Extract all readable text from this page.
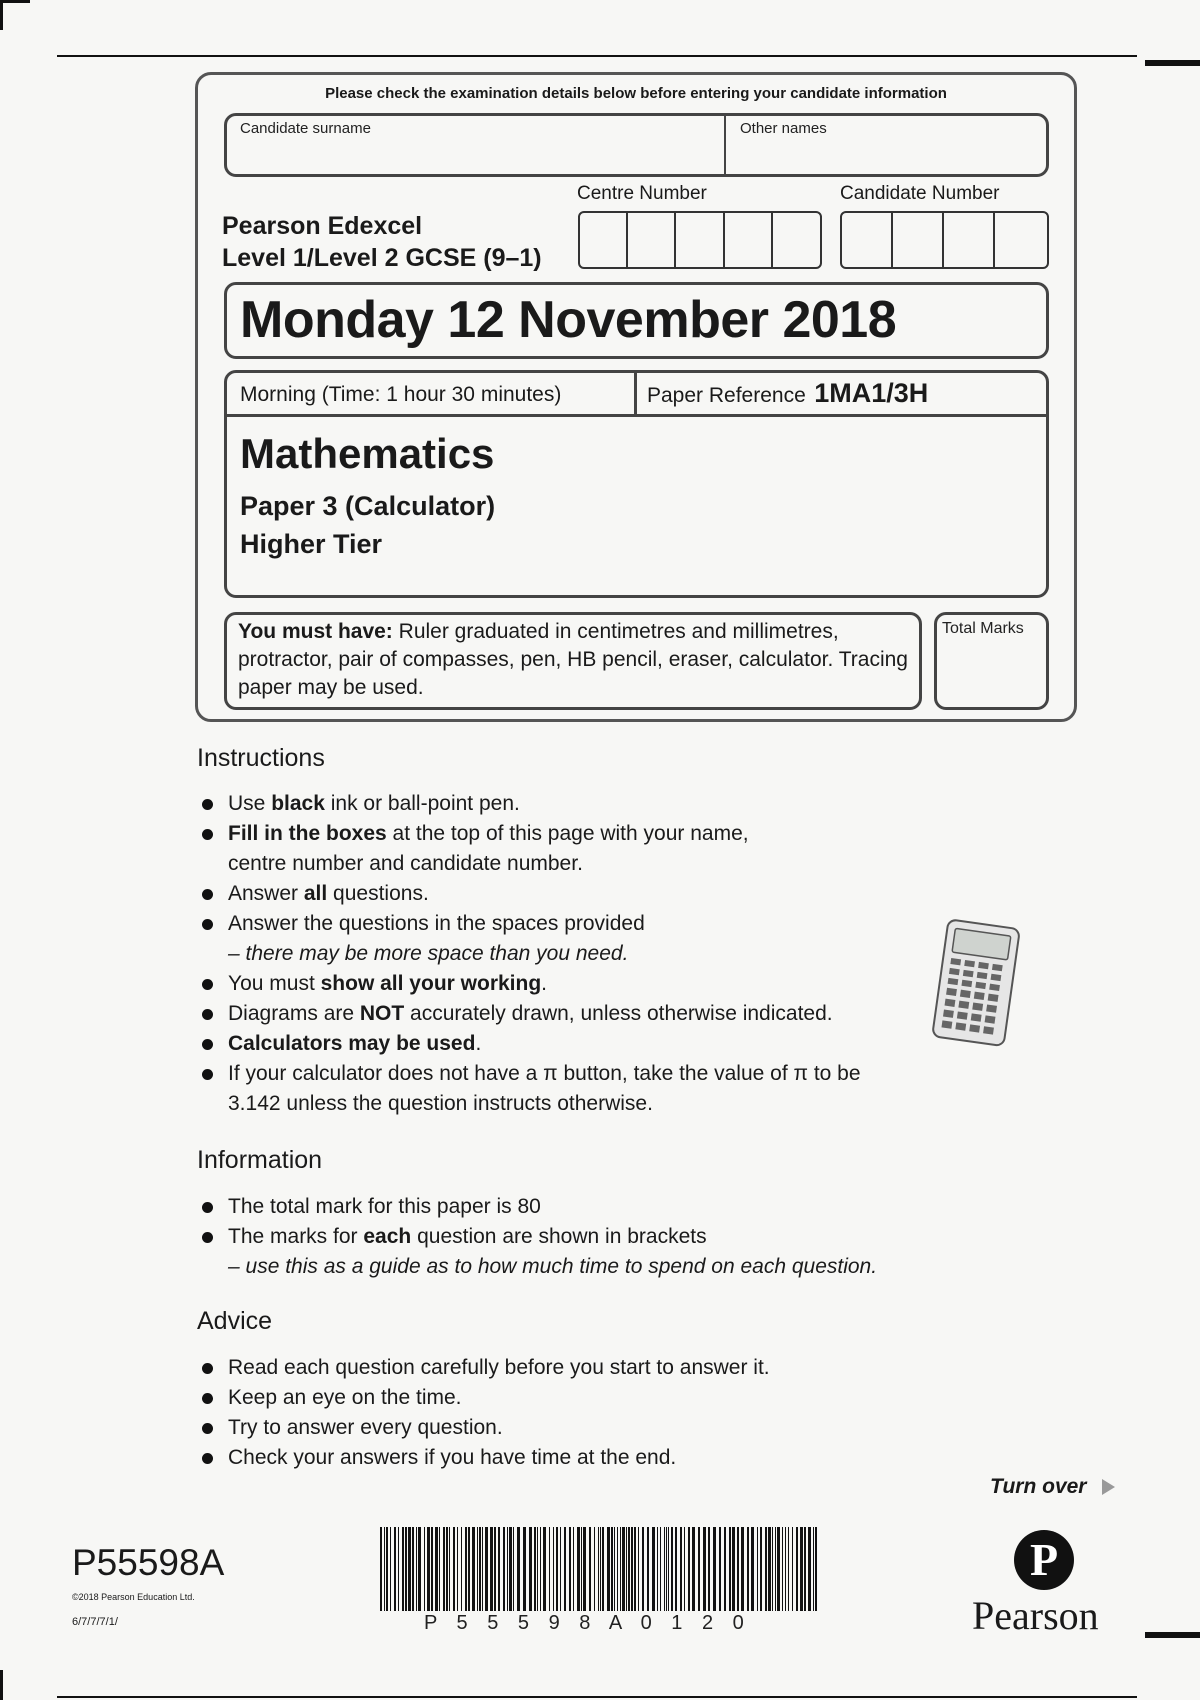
Please check the examination details below before entering your candidate information
Candidate surname	Other names
Pearson Edexcel
Level 1/Level 2 GCSE (9–1)
Centre Number	Candidate Number
Monday 12 November 2018
Morning (Time: 1 hour 30 minutes)	Paper Reference 1MA1/3H
Mathematics
Paper 3 (Calculator)
Higher Tier
You must have: Ruler graduated in centimetres and millimetres, protractor, pair of compasses, pen, HB pencil, eraser, calculator. Tracing paper may be used.
Total Marks
Instructions
Use black ink or ball-point pen.
Fill in the boxes at the top of this page with your name,
centre number and candidate number.
Answer all questions.
Answer the questions in the spaces provided
– there may be more space than you need.
You must show all your working.
Diagrams are NOT accurately drawn, unless otherwise indicated.
Calculators may be used.
If your calculator does not have a π button, take the value of π to be
3.142 unless the question instructs otherwise.
Information
The total mark for this paper is 80
The marks for each question are shown in brackets
– use this as a guide as to how much time to spend on each question.
Advice
Read each question carefully before you start to answer it.
Keep an eye on the time.
Try to answer every question.
Check your answers if you have time at the end.
Turn over
P55598A
©2018 Pearson Education Ltd.
6/7/7/7/1/	P 5 5 5 9 8 A 0 1 2 0
P
Pearson
